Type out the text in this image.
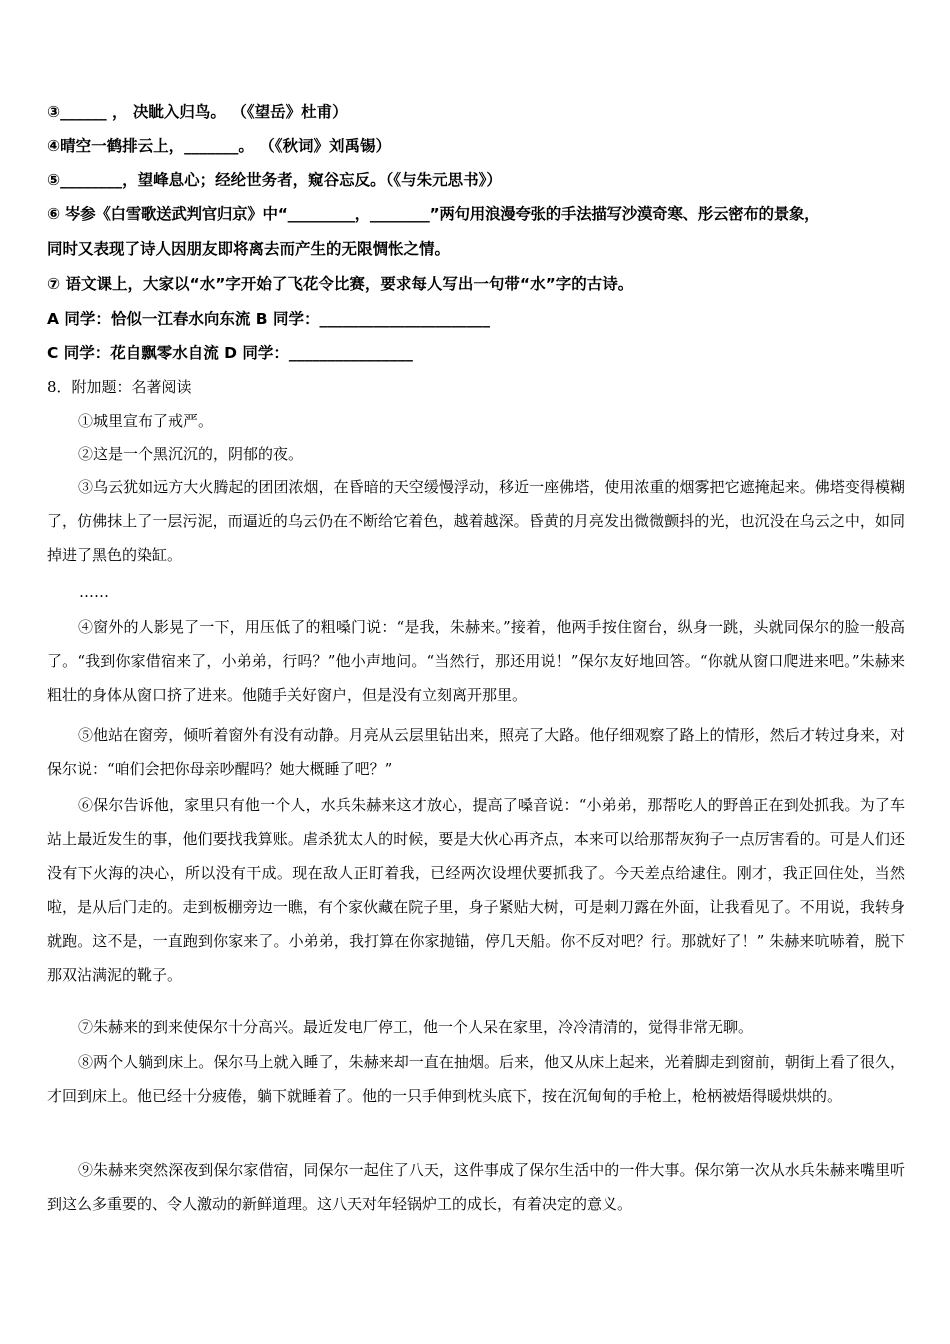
③______ ， 决眦入归鸟。 （《望岳》杜甫）
④晴空一鹤排云上，_______。 （《秋词》刘禹锡）
⑤________，望峰息心；经纶世务者，窥谷忘反。（《与朱元思书》）
⑥ 岑参《白雪歌送武判官归京》中“_________，________”两句用浪漫夸张的手法描写沙漠奇寒、彤云密布的景象，
同时又表现了诗人因朋友即将离去而产生的无限惆怅之情。
⑦ 语文课上，大家以“水”字开始了飞花令比赛，要求每人写出一句带“水”字的古诗。
A 同学：恰似一江春水向东流 B 同学：______________________
C 同学：花自飘零水自流 D 同学：________________
8．附加题：名著阅读
①城里宣布了戒严。
②这是一个黑沉沉的，阴郁的夜。
③乌云犹如远方大火腾起的团团浓烟，在昏暗的天空缓慢浮动，移近一座佛塔，使用浓重的烟雾把它遮掩起来。佛塔变得模糊了，仿佛抹上了一层污泥，而逼近的乌云仍在不断给它着色，越着越深。昏黄的月亮发出微微颤抖的光，也沉没在乌云之中，如同掉进了黑色的染缸。
……
④窗外的人影晃了一下，用压低了的粗嗓门说：“是我，朱赫来。”接着，他两手按住窗台，纵身一跳，头就同保尔的脸一般高了。“我到你家借宿来了，小弟弟，行吗？”他小声地问。“当然行，那还用说！”保尔友好地回答。“你就从窗口爬进来吧。”朱赫来粗壮的身体从窗口挤了进来。他随手关好窗户，但是没有立刻离开那里。
⑤他站在窗旁，倾听着窗外有没有动静。月亮从云层里钻出来，照亮了大路。他仔细观察了路上的情形，然后才转过身来，对保尔说：“咱们会把你母亲吵醒吗？她大概睡了吧？”
⑥保尔告诉他，家里只有他一个人，水兵朱赫来这才放心，提高了嗓音说：“小弟弟，那帮吃人的野兽正在到处抓我。为了车站上最近发生的事，他们要找我算账。虐杀犹太人的时候，要是大伙心再齐点，本来可以给那帮灰狗子一点厉害看的。可是人们还没有下火海的决心，所以没有干成。现在敌人正盯着我，已经两次设埋伏要抓我了。今天差点给逮住。刚才，我正回住处，当然啦，是从后门走的。走到板棚旁边一瞧，有个家伙藏在院子里，身子紧贴大树，可是刺刀露在外面，让我看见了。不用说，我转身就跑。这不是，一直跑到你家来了。小弟弟，我打算在你家抛锚，停几天船。你不反对吧？行。那就好了！” 朱赫来吭哧着，脱下那双沾满泥的靴子。
⑦朱赫来的到来使保尔十分高兴。最近发电厂停工，他一个人呆在家里，冷冷清清的，觉得非常无聊。
⑧两个人躺到床上。保尔马上就入睡了，朱赫来却一直在抽烟。后来，他又从床上起来，光着脚走到窗前，朝街上看了很久，才回到床上。他已经十分疲倦，躺下就睡着了。他的一只手伸到枕头底下，按在沉甸甸的手枪上，枪柄被焐得暖烘烘的。
⑨朱赫来突然深夜到保尔家借宿，同保尔一起住了八天，这件事成了保尔生活中的一件大事。保尔第一次从水兵朱赫来嘴里听到这么多重要的、令人激动的新鲜道理。这八天对年轻锅炉工的成长，有着决定的意义。
